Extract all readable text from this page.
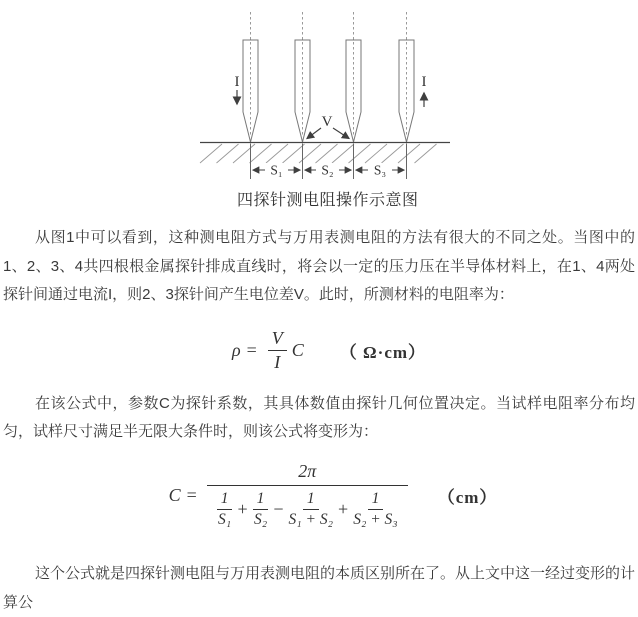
I	I
V
S₁	S₂	S₃
四探针测电阻操作示意图

从图1中可以看到，这种测电阻方式与万用表测电阻的方法有很大的不同之处。当图中的1、2、3、4共四根根金属探针排成直线时，将会以一定的压力压在半导体材料上，在1、4两处探针间通过电流I，则2、3探针间产生电位差V。此时，所测材料的电阻率为：

$\rho = \frac{V}{I}$ C （ Ω·cm）

在该公式中，参数C为探针系数，其具体数值由探针几何位置决定。当试样电阻率分布均匀，试样尺寸满足半无限大条件时，则该公式将变形为：

C =
2π
$\frac{1}{\text{S₁}} + \frac{1}{\text{S₂}} - \frac{1}{\text{S₁ + S₂}} + \frac{1}{\text{S₂ + S₃}} (cm)$

这个公式就是四探针测电阻与万用表测电阻的本质区别所在了。从上文中这一经过变形的计算公
